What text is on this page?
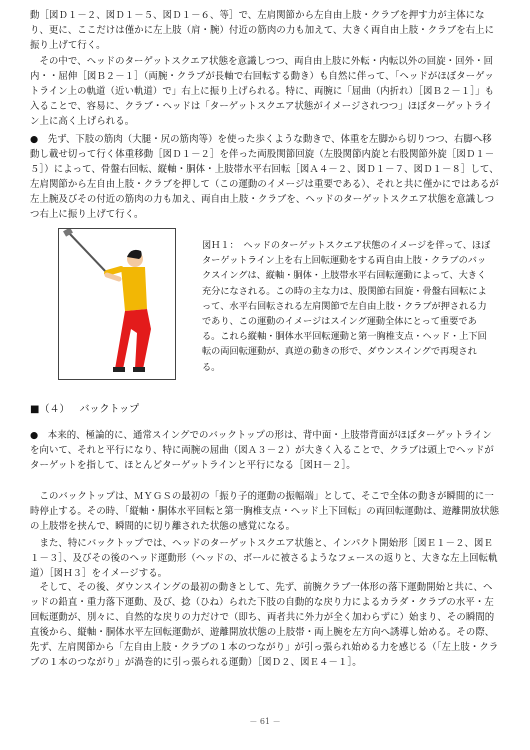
動［図Ｄ１－２、図Ｄ１－５、図Ｄ１－６、等］で、左肩関節から左自由上肢・クラブを押す力が主体になり、更に、ここだけは僅かに左上肢（肩・腕）付近の筋肉の力も加えて、大きく両自由上肢・クラブを右上に振り上げて行く。

　その中で、ヘッドのターゲットスクエア状態を意識しつつ、両自由上肢に外転・内転以外の回旋・回外・回内・・屈伸［図Ｂ２－１］（両腕・クラブが長軸で右回転する動き）も自然に伴って、「ヘッドがほぼターゲットライン上の軌道（近い軌道）で」右上に振り上げられる。特に、両腕に「屈曲（内折れ）［図Ｂ２－１］」も入ることで、容易に、クラブ・ヘッドは「ターゲットスクエア状態がイメージされつつ」ほぼターゲットライン上に高く上げられる。

●　先ず、下肢の筋肉（大腿・尻の筋肉等）を使った歩くような動きで、体重を左脚から切りつつ、右脚へ移動し載せ切って行く体重移動［図Ｄ１－２］を伴った両股関節回旋（左股関節内旋と右股関節外旋［図Ｄ１－５］）によって、骨盤右回転、縦軸・胴体・上肢帯水平右回転［図Ａ４－２、図Ｄ１－７、図Ｄ１－８］して、左肩関節から左自由上肢・クラブを押して（この運動のイメージは重要である）、それと共に僅かにではあるが左上腕及びその付近の筋肉の力も加え、両自由上肢・クラブを、ヘッドのターゲットスクエア状態を意識しつつ右上に振り上げて行く。

図Ｈ１：　ヘッドのターゲットスクエア状態のイメージを伴って、ほぼターゲットライン上を右上回転運動をする両自由上肢・クラブのバックスイングは、縦軸・胴体・上肢帯水平右回転運動によって、大きく充分になされる。この時の主な力は、股関節右回旋・骨盤右回転によって、水平右回転される左肩関節で左自由上肢・クラブが押される力であり、この運動のイメージはスイング運動全体にとって重要である。これら縦軸・胴体水平回転運動と第一胸椎支点・ヘッド・上下回転の両回転運動が、真逆の動きの形で、ダウンスイングで再現される。

■（４） バックトップ

●　本来的、極論的に、通常スイングでのバックトップの形は、背中面・上肢帯背面がほぼターゲットラインを向いて、それと平行になり、特に両腕の屈曲（図Ａ３－２）が大きく入ることで、クラブは頭上でヘッドがターゲットを指して、ほとんどターゲットラインと平行になる［図Ｈ－２］。

　このバックトップは、ＭＹＧＳの最初の「振り子的運動の振幅端」として、そこで全体の動きが瞬間的に一時停止する。その時、「縦軸・胴体水平回転と第一胸椎支点・ヘッド上下回転」の両回転運動は、遊離開放状態の上肢帯を挟んで、瞬間的に切り離された状態の感覚になる。

　また、特にバックトップでは、ヘッドのターゲットスクエア状態と、インパクト開始形［図Ｅ１－２、図Ｅ１－３］、及びその後のヘッド運動形（ヘッドの、ボールに被さるようなフェースの返りと、大きな左上回転軌道）［図Ｈ３］をイメージする。

　そして、その後、ダウンスイングの最初の動きとして、先ず、前腕クラブ一体形の落下運動開始と共に、ヘッドの鉛直・重力落下運動、及び、捻（ひね）られた下肢の自動的な戻り力によるカラダ・クラブの水平・左回転運動が、別々に、自然的な戻りの力だけで（即ち、両者共に外力が全く加わらずに）始まり、その瞬間的直後から、縦軸・胴体水平左回転運動が、遊離開放状態の上肢帯・両上腕を左方向へ誘導し始める。その際、先ず、左肩関節から「左自由上肢・クラブの１本のつながり」が引っ張られ始める力を感じる（「左上肢・クラブの１本のつながり」が渦巻的に引っ張られる運動）［図Ｄ２、図Ｅ４－１］。

－ 61 －
